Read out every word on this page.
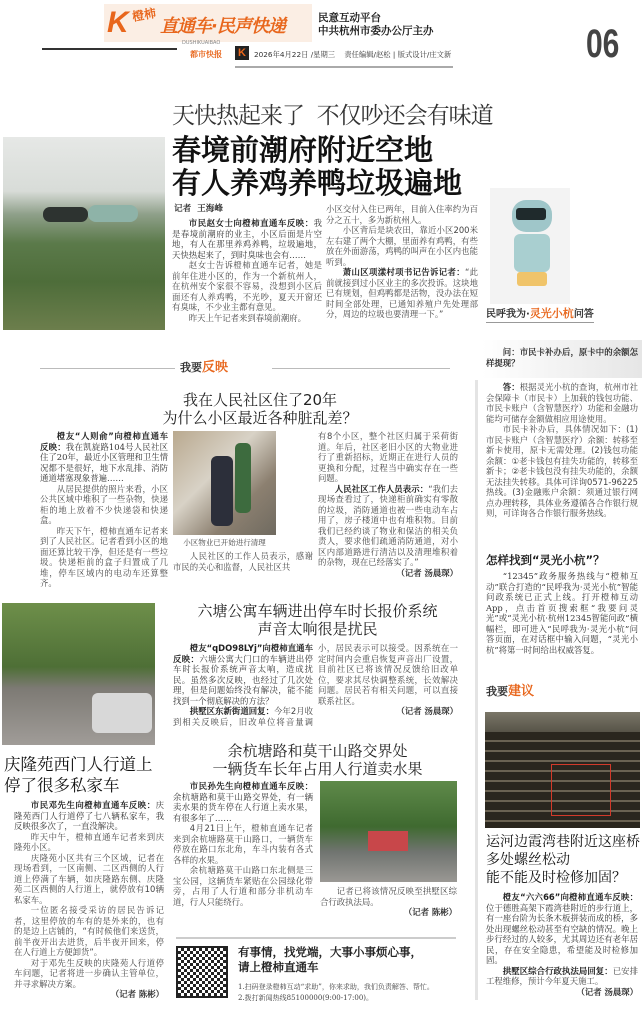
K 橙柿
直通车·民声快递	民意互动平台
中共杭州市委办公厅主办	06
DUSHIKUAIBAO
都市快报 K	2026年4月22日 /星期三 责任编辑/赵松 | 版式设计/庄文新
天快热起来了  不仅吵还会有味道
春境前潮府附近空地
有人养鸡养鸭垃圾遍地
记者  王海峰

市民赵女士向橙柿直通车反映：我是春境前潮府的业主，小区后面是片空地，有人在那里养鸡养鸭，垃圾遍地，天快热起来了，到时臭味也会有……

赵女士告诉橙柿直通车记者，她是前年住进小区的，作为一个新杭州人，在杭州安个家很不容易，没想到小区后面还有人养鸡鸭，不光吵，夏天开窗还有臭味，不少业主都有意见。

昨天上午记者来到春境前潮府。

小区交付入住已两年，目前入住率约为百分之五十，多为新杭州人。

小区背后是块农田，靠近小区200米左右建了两个大棚，里面养有鸡鸭，有些放在外面游荡，鸡鸭的叫声在小区内也能听到。

萧山区项漾村项书记告诉记者：“此前就接到过小区业主的多次投诉。这块地已有规划，但鸡鸭都是活物，没办法在短时间全部处理，已通知养殖户先处理部分，周边的垃圾也要清理一下。”

我要反映
我在人民社区住了20年
为什么小区最近各种脏乱差？

橙友“人则俞”向橙柿直通车反映：我在凯旋路104号人民社区住了20年，最近小区管理和卫生情况都不是很好，地下水乱排、消防通道堵塞现象普遍……

从居民提供的照片来看，小区公共区域中堆积了一些杂物，快递柜的地上放着不少快递袋和快递盒。

昨天下午，橙柿直通车记者来到了人民社区。记者看到小区的地面还算比较干净，但还是有一些垃圾。快递柜前的盒子归置成了几堆，停车区域内的电动车还算整齐。

小区物业已开始进行清理

人民社区的工作人员表示，感谢市民的关心和监督，人民社区共

有8个小区，整个社区归属于采荷街道。年后，社区老旧小区的大物业进行了重新招标，近期正在进行人员的更换和分配，过程当中确实存在一些问题。

人民社区工作人员表示：“我们去现场查看过了，快递柜前确实有零散的垃圾，消防通道也被一些电动车占用了，房子楼道中也有堆积物。目前我们已经约谈了物业和保洁的相关负责人，要求他们疏通消防通道，对小区内部道路进行清洁以及清理堆积着的杂物，现在已经落实了。”

（记者 汤晨琛）
庆隆苑西门人行道上
停了很多私家车

市民邓先生向橙柿直通车反映：庆隆苑西门人行道停了七八辆私家车，我反映很多次了，一直没解决。

昨天中午，橙柿直通车记者来到庆隆苑小区。

庆隆苑小区共有三个区域，记者在现场看到，一区南侧、二区西侧的人行道上停满了车辆，如庆隆路东侧、庆隆苑二区西侧的人行道上，就停放有10辆私家车。

一位匿名接受采访的居民告诉记者，这里停放的车有的是外来的，也有的是边上店铺的，“有时候他们来送货，前半夜开出去进货，后半夜开回来，停在人行道上方便卸货”。

对于邓先生反映的庆隆苑人行道停车问题，记者将进一步确认主管单位，并寻求解决方案。

（记者 陈彬）
六塘公寓车辆进出停车时长报价系统
声音太响很是扰民

橙友“qDO98LYj”向橙柿直通车反映：六塘公寓大门口的车辆进出停车时长报价系统声音太响，造成扰民。虽然多次反映，也经过了几次处理，但是问题始终没有解决，能不能找到一个彻底解决的方法？

拱墅区东新街道回复：今年2月收到相关反映后，旧改单位将音量调小，居民表示可以接受。因系统在一定时间内会重启恢复声音出厂设置，目前社区已将该情况反馈给旧改单位，要求其尽快调整系统，长效解决问题。居民若有相关问题，可以直接联系社区。

（记者 汤晨琛）
余杭塘路和莫干山路交界处
一辆货车长年占用人行道卖水果

市民孙先生向橙柿直通车反映：余杭塘路和莫干山路交界处，有一辆卖水果的货车停在人行道上卖水果，有很多年了……

4月21日上午，橙柿直通车记者来到余杭塘路莫干山路口，一辆货车停放在路口东北角，车斗内装有各式各样的水果。

余杭塘路莫干山路口东北侧是三宝公园，这辆货车紧贴在公园绿化带旁，占用了人行道和部分非机动车道，行人只能绕行。

记者已将该情况反映至拱墅区综合行政执法局。

（记者 陈彬）
有事情，找党端，大事小事烦心事，
请上橙柿直通车
1.扫码登录橙柿互动“求助”，你来求助，我们负责解答、帮忙。
2.拨打新闻热线85100000(9:00-17:00)。
民呼我为·灵光小杭问答
问：市民卡补办后，原卡中的余额怎样提现？

答：根据灵光小杭的查询，杭州市社会保障卡（市民卡）上加载的钱包功能、市民卡账户（含智慧医疗）功能和金融功能均可储存金额做相应用途使用。

市民卡补办后，具体情况如下：(1)市民卡账户（含智慧医疗）余额：转移至新卡使用，原卡无需处理。(2)钱包功能余额：①老卡钱包有挂失功能的，转移至新卡；②老卡钱包没有挂失功能的，余额无法挂失转移。具体可详询0571-96225热线。(3)金融账户余额：须通过银行网点办理转移，具体业务遵循各合作银行规则，可详询各合作银行服务热线。

怎样找到“灵光小杭”？
“12345”政务服务热线与“橙柿互动”联合打造的“民呼我为·灵光小杭”智能问政系统已正式上线。打开橙柿互动App，点击首页搜索框“我要问灵光”或“灵光小杭·杭州12345智能问政”横幅栏，即可进入“民呼我为·灵光小杭”问答页面，在对话框中输入问题，“灵光小杭”将第一时间给出权威答复。
我要建议
运河边霞湾巷附近这座桥
多处螺丝松动
能不能及时检修加固？

橙友“六六66”向橙柿直通车反映：位于德胜高架下霞湾巷附近的步行道上，有一座台阶为长条木板拼装而成的桥，多处出现螺丝松动甚至有空缺的情况。晚上步行经过的人较多，尤其周边还有老年居民，存在安全隐患，希望能及时检修加固。

拱墅区综合行政执法局回复：已安排工程维修，预计今年夏天施工。

（记者 汤晨琛）
